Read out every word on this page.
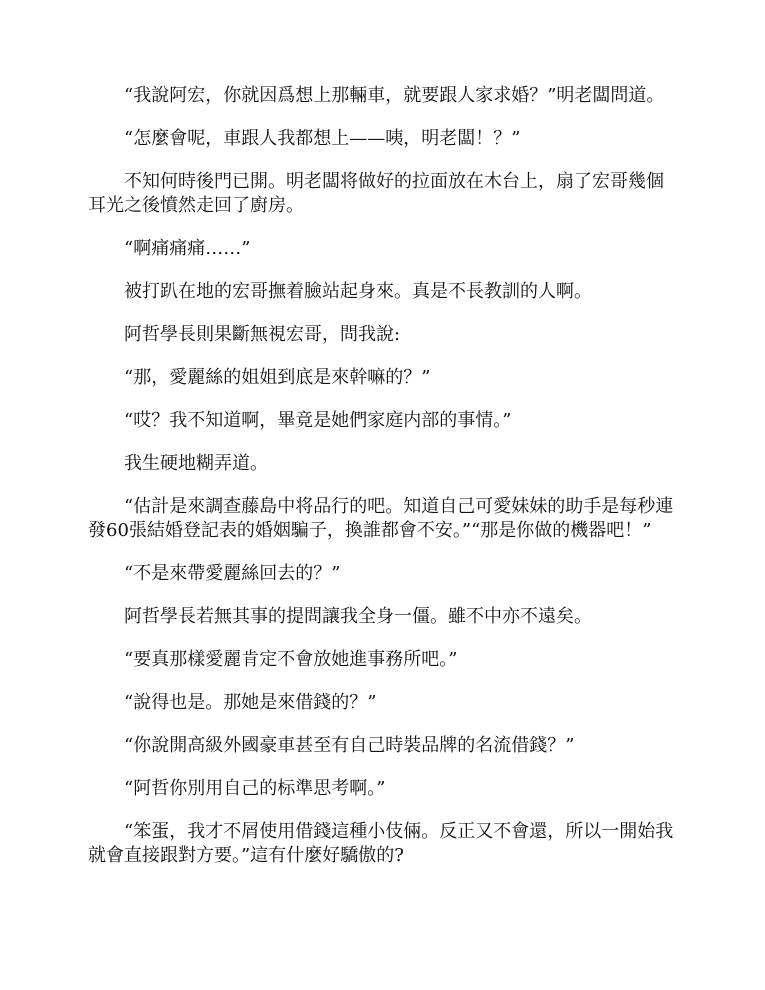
“我說阿宏，你就因爲想上那輛車，就要跟人家求婚？”明老闆問道。

“怎麼會呢，車跟人我都想上——咦，明老闆！？”

不知何時後門已開。明老闆将做好的拉面放在木台上，扇了宏哥幾個耳光之後憤然走回了廚房。

“啊痛痛痛……”

被打趴在地的宏哥撫着臉站起身來。真是不長教訓的人啊。

阿哲學長則果斷無視宏哥，問我說:

“那，愛麗絲的姐姐到底是來幹嘛的？”

“哎？我不知道啊，畢竟是她們家庭内部的事情。”

我生硬地糊弄道。

“估計是來調查藤島中将品行的吧。知道自己可愛妹妹的助手是每秒連發60張結婚登記表的婚姻騙子，換誰都會不安。”“那是你做的機器吧！”

“不是來帶愛麗絲回去的？”

阿哲學長若無其事的提問讓我全身一僵。雖不中亦不遠矣。

“要真那樣愛麗肯定不會放她進事務所吧。”

“說得也是。那她是來借錢的？”

“你說開高級外國豪車甚至有自己時裝品牌的名流借錢？”

“阿哲你別用自己的标準思考啊。”

“笨蛋，我才不屑使用借錢這種小伎倆。反正又不會還，所以一開始我就會直接跟對方要。”這有什麼好驕傲的?
